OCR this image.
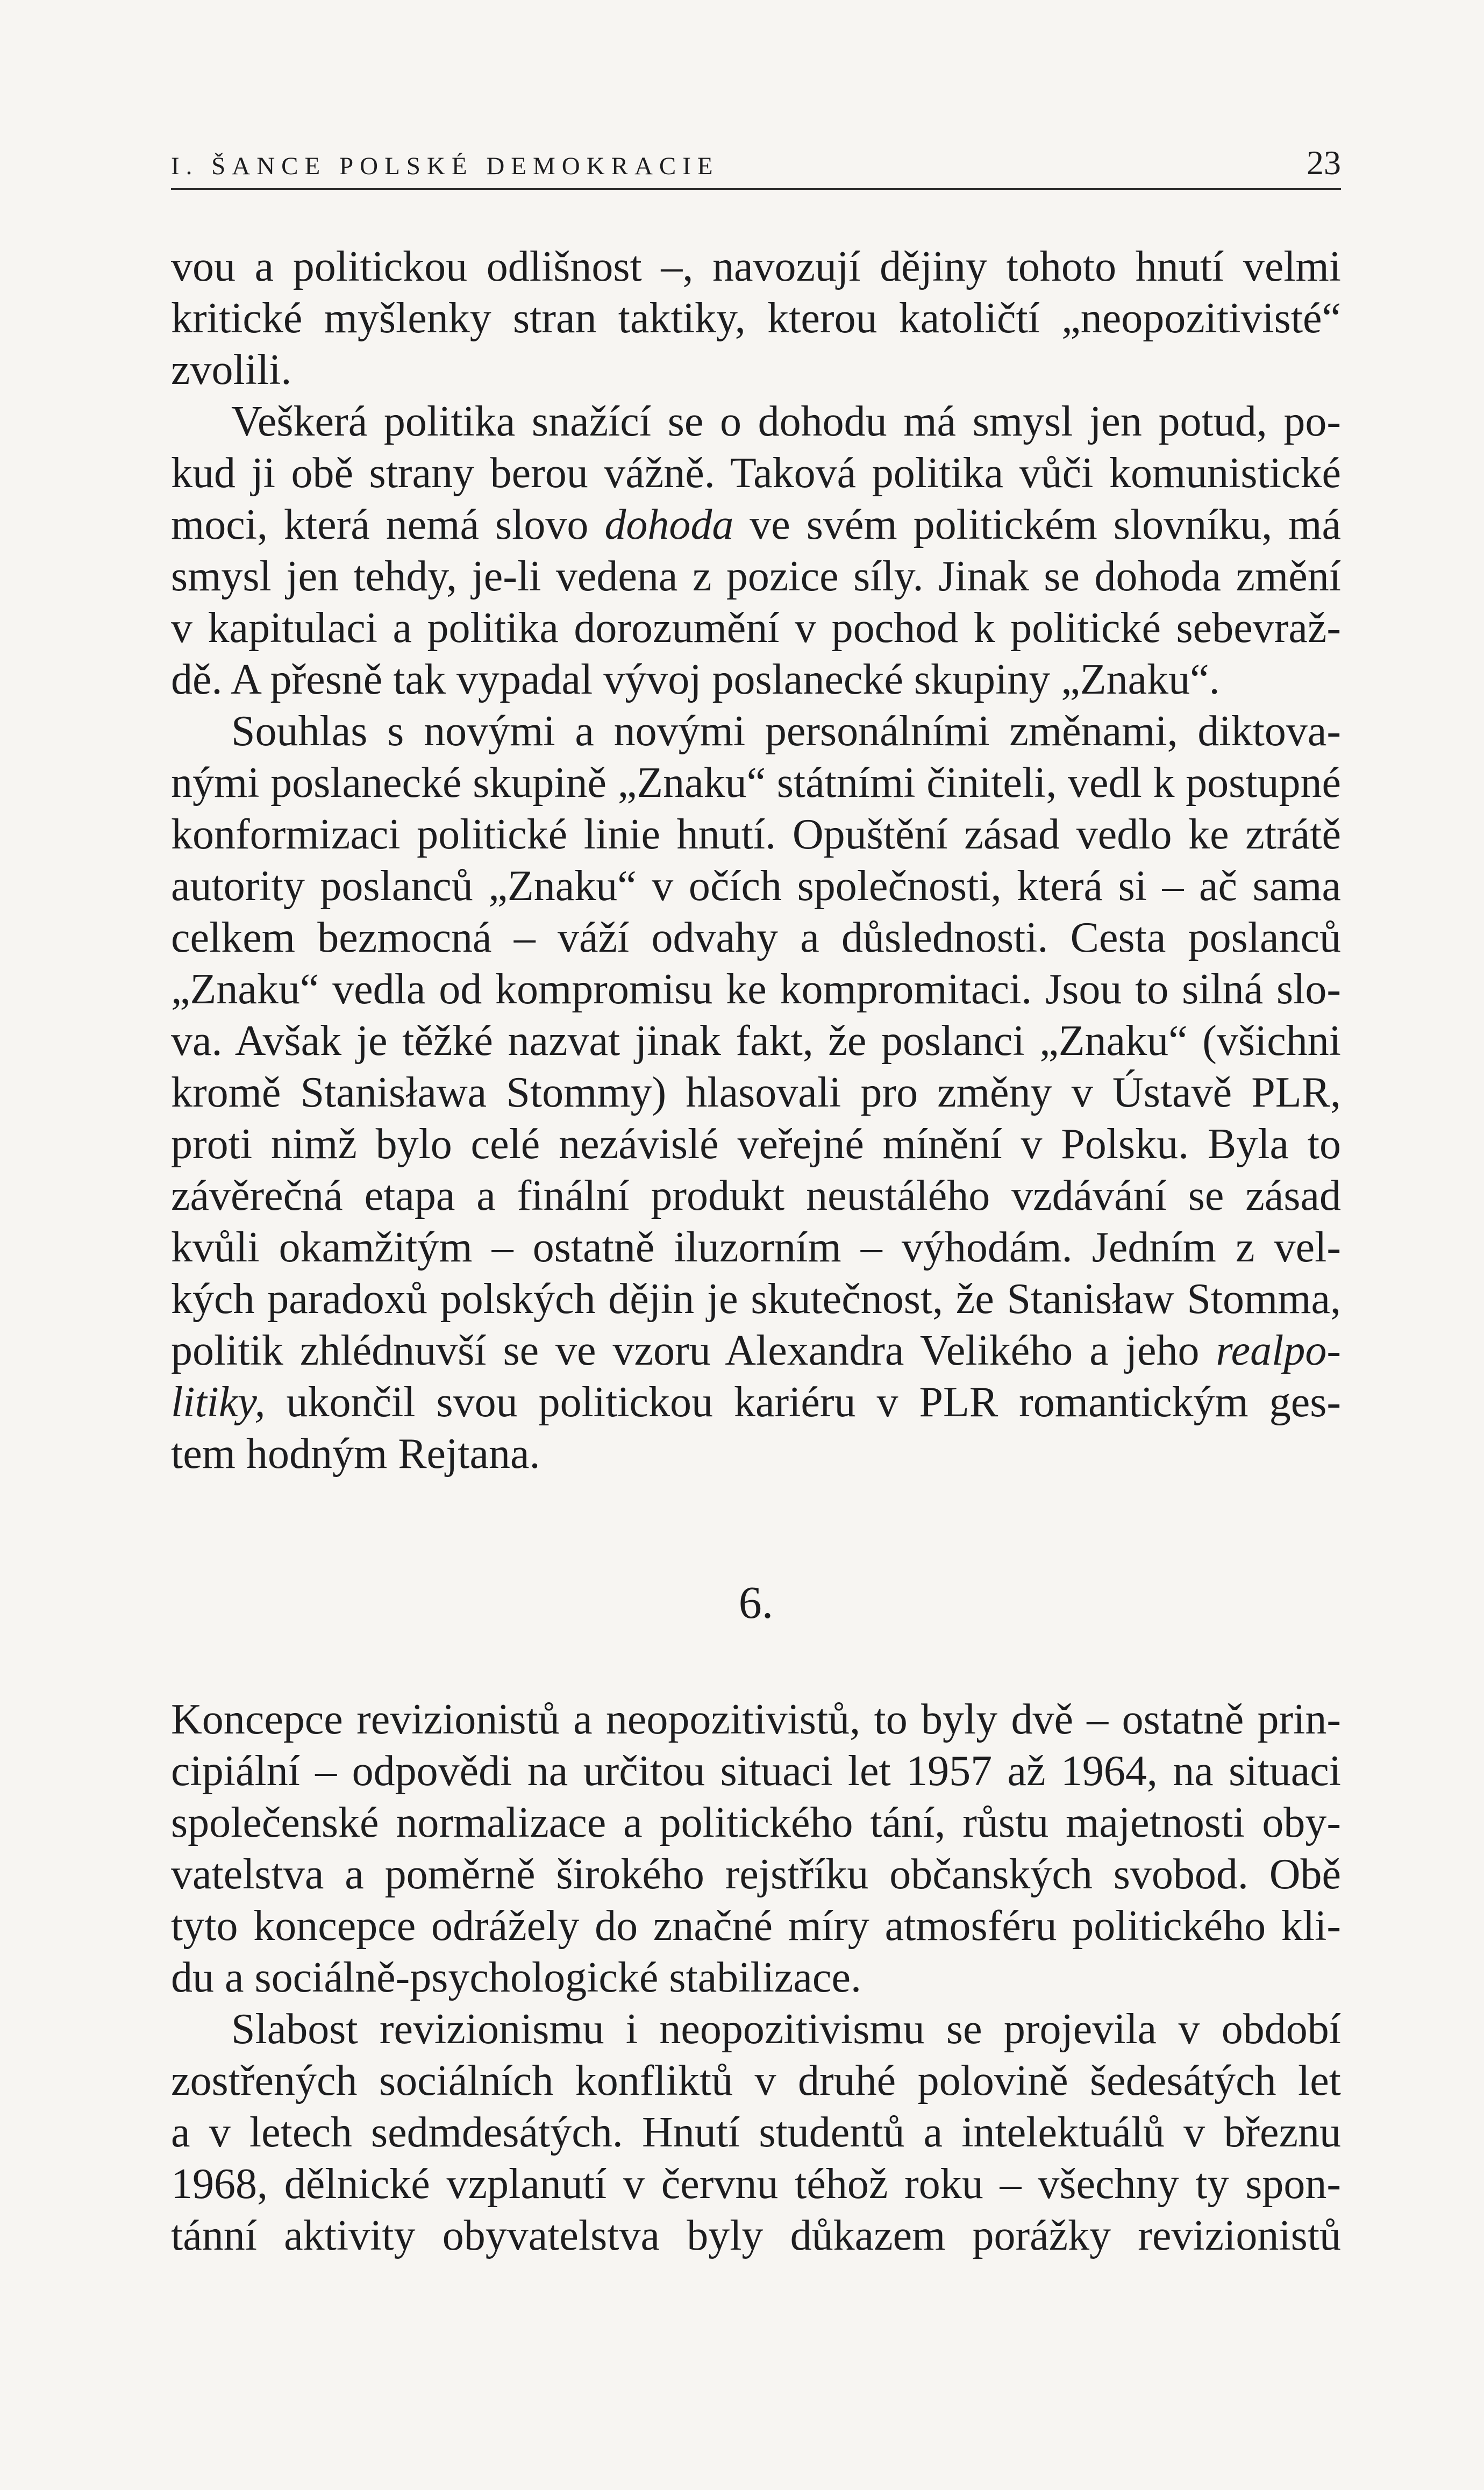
I. ŠANCE POLSKÉ DEMOKRACIE	23
vou a politickou odlišnost –, navozují dějiny tohoto hnutí velmi
kritické myšlenky stran taktiky, kterou katoličtí „neopozitivisté“
zvolili.
Veškerá politika snažící se o dohodu má smysl jen potud, po-
kud ji obě strany berou vážně. Taková politika vůči komunistické
moci, která nemá slovo dohoda ve svém politickém slovníku, má
smysl jen tehdy, je-li vedena z pozice síly. Jinak se dohoda změní
v kapitulaci a politika dorozumění v pochod k politické sebevraž-
dě. A přesně tak vypadal vývoj poslanecké skupiny „Znaku“.
Souhlas s novými a novými personálními změnami, diktova-
nými poslanecké skupině „Znaku“ státními činiteli, vedl k postupné
konformizaci politické linie hnutí. Opuštění zásad vedlo ke ztrátě
autority poslanců „Znaku“ v očích společnosti, která si – ač sama
celkem bezmocná – váží odvahy a důslednosti. Cesta poslanců
„Znaku“ vedla od kompromisu ke kompromitaci. Jsou to silná slo-
va. Avšak je těžké nazvat jinak fakt, že poslanci „Znaku“ (všichni
kromě Stanisława Stommy) hlasovali pro změny v Ústavě PLR,
proti nimž bylo celé nezávislé veřejné mínění v Polsku. Byla to
závěrečná etapa a finální produkt neustálého vzdávání se zásad
kvůli okamžitým – ostatně iluzorním – výhodám. Jedním z vel-
kých paradoxů polských dějin je skutečnost, že Stanisław Stomma,
politik zhlédnuvší se ve vzoru Alexandra Velikého a jeho realpo-
litiky, ukončil svou politickou kariéru v PLR romantickým ges-
tem hodným Rejtana.
6.
Koncepce revizionistů a neopozitivistů, to byly dvě – ostatně prin-
cipiální – odpovědi na určitou situaci let 1957 až 1964, na situaci
společenské normalizace a politického tání, růstu majetnosti oby-
vatelstva a poměrně širokého rejstříku občanských svobod. Obě
tyto koncepce odrážely do značné míry atmosféru politického kli-
du a sociálně-psychologické stabilizace.
Slabost revizionismu i neopozitivismu se projevila v období
zostřených sociálních konfliktů v druhé polovině šedesátých let
a v letech sedmdesátých. Hnutí studentů a intelektuálů v březnu
1968, dělnické vzplanutí v červnu téhož roku – všechny ty spon-
tánní aktivity obyvatelstva byly důkazem porážky revizionistů
